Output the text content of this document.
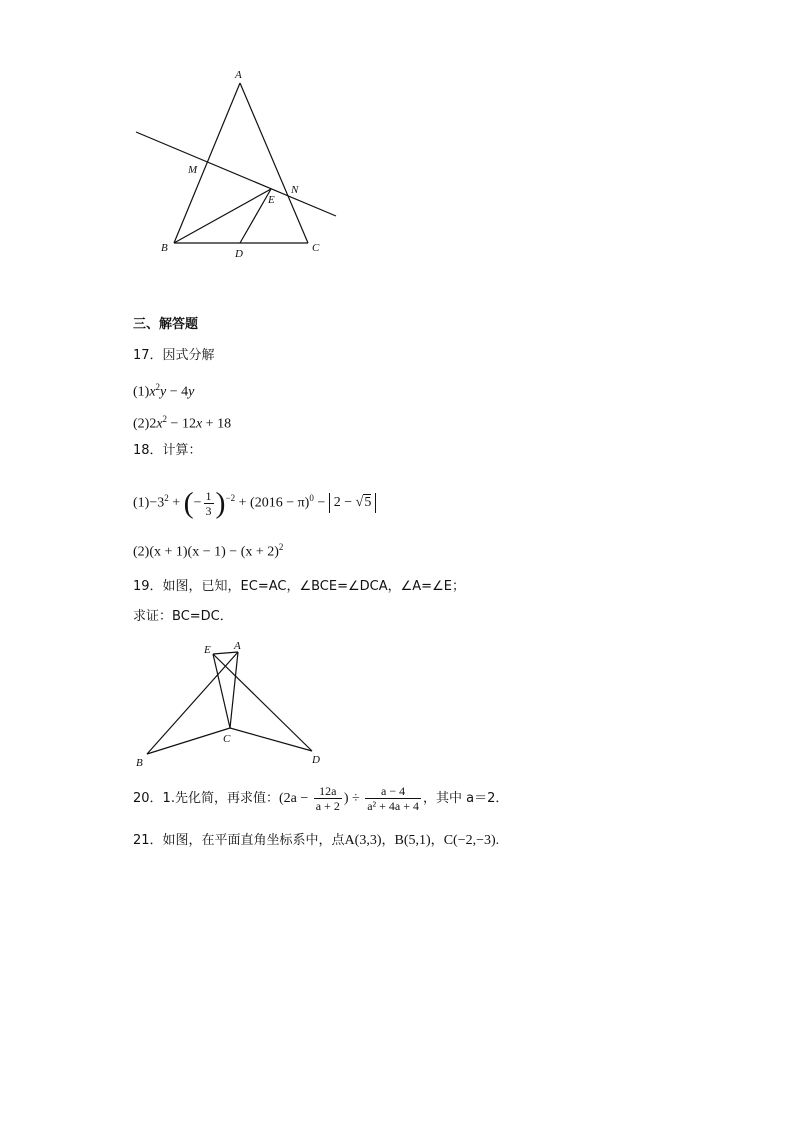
A
M
N
E
B	D	C
三、解答题
17．因式分解
$(1)x^2y - 4y$
$(2)2x^2 - 12x + 18$
18．计算：
$(1)-3^2$ + (− $\frac{1}{3} )^{-2} + (2016 - \pi)^0 - 2 - √5$
$(2)(x + 1)(x - 1) - (x + 2)^2$
19．如图，已知，EC=AC，∠BCE=∠DCA，∠A=∠E；
求证：BC=DC．
E A
C
B	D
20．1.先化简，再求值：($2a - \frac{12a}{a + 2}$ ) ÷ $\frac{a - 4}{\text{a² + 4a + 4}}$ ，其中 a＝2．
21．如图，在平面直角坐标系中，点A(3,3)，B(5,1)，C(−2,−3).
